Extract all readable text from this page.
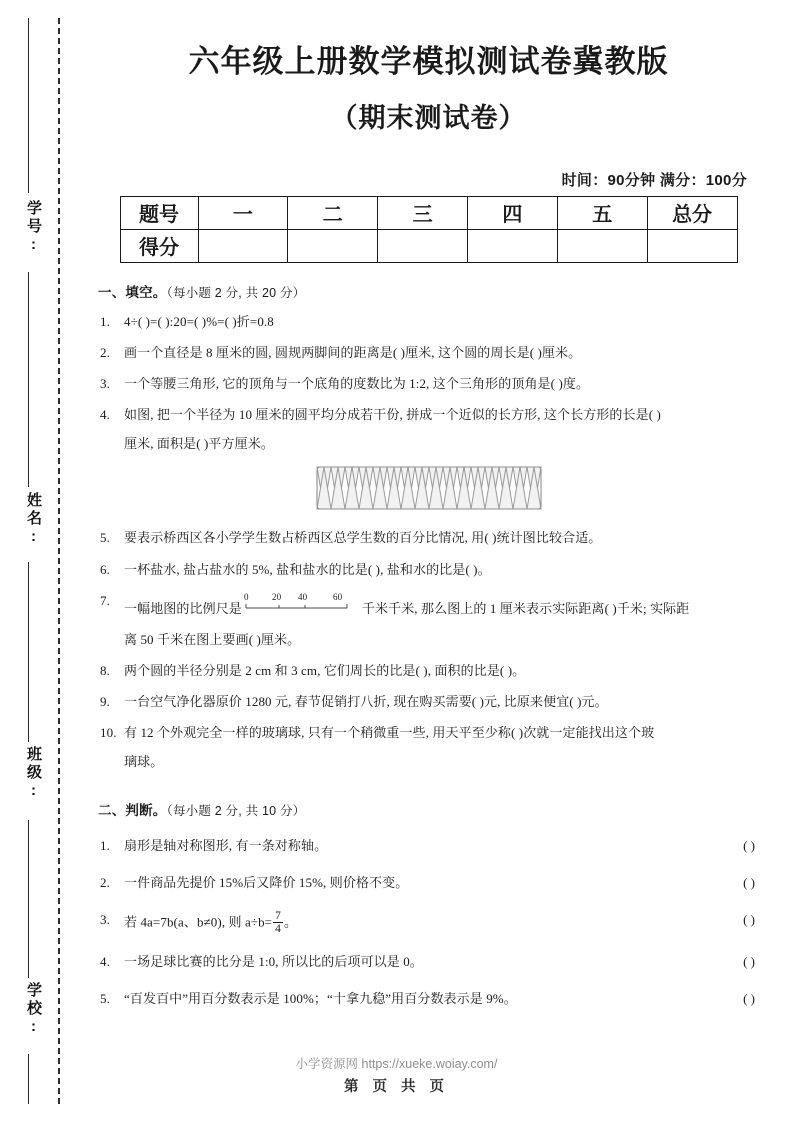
学号:
姓名:
班级:
学校:
六年级上册数学模拟测试卷冀教版
（期末测试卷）
时间：90分钟 满分：100分
题号	一	二	三	四	五	总分
得分						
一、填空。（每小题 2 分, 共 20 分）
1. 4÷( )=( ):20=( )%=( )折=0.8
2. 画一个直径是 8 厘米的圆, 圆规两脚间的距离是( )厘米, 这个圆的周长是( )厘米。
3. 一个等腰三角形, 它的顶角与一个底角的度数比为 1:2, 这个三角形的顶角是( )度。
4. 如图, 把一个半径为 10 厘米的圆平均分成若干份, 拼成一个近似的长方形, 这个长方形的长是( )
厘米, 面积是( )平方厘米。
5. 要表示桥西区各小学学生数占桥西区总学生数的百分比情况, 用( )统计图比较合适。
6. 一杯盐水, 盐占盐水的 5%, 盐和盐水的比是( ), 盐和水的比是( )。
7.
一幅地图的比例尺是
0	20 40	60
千米千米, 那么图上的 1 厘米表示实际距离( )千米; 实际距
离 50 千米在图上要画( )厘米。
8. 两个圆的半径分别是 2 cm 和 3 cm, 它们周长的比是( ), 面积的比是( )。
9. 一台空气净化器原价 1280 元, 春节促销打八折, 现在购买需要( )元, 比原来便宜( )元。
10. 有 12 个外观完全一样的玻璃球, 只有一个稍微重一些, 用天平至少称( )次就一定能找出这个玻
璃球。
二、判断。（每小题 2 分, 共 10 分）
1. 扇形是轴对称图形, 有一条对称轴。	( )
2. 一件商品先提价 15%后又降价 15%, 则价格不变。	( )
3. 若 4a=7b(a、b≠0), 则 $a\div b= \frac{7}{4}$ 。	( )
4. 一场足球比赛的比分是 1:0, 所以比的后项可以是 0。	( )
5. “百发百中”用百分数表示是 100%；“十拿九稳”用百分数表示是 9%。	( )
小学资源网 https://xueke.woiay.com/
第 页 共 页
